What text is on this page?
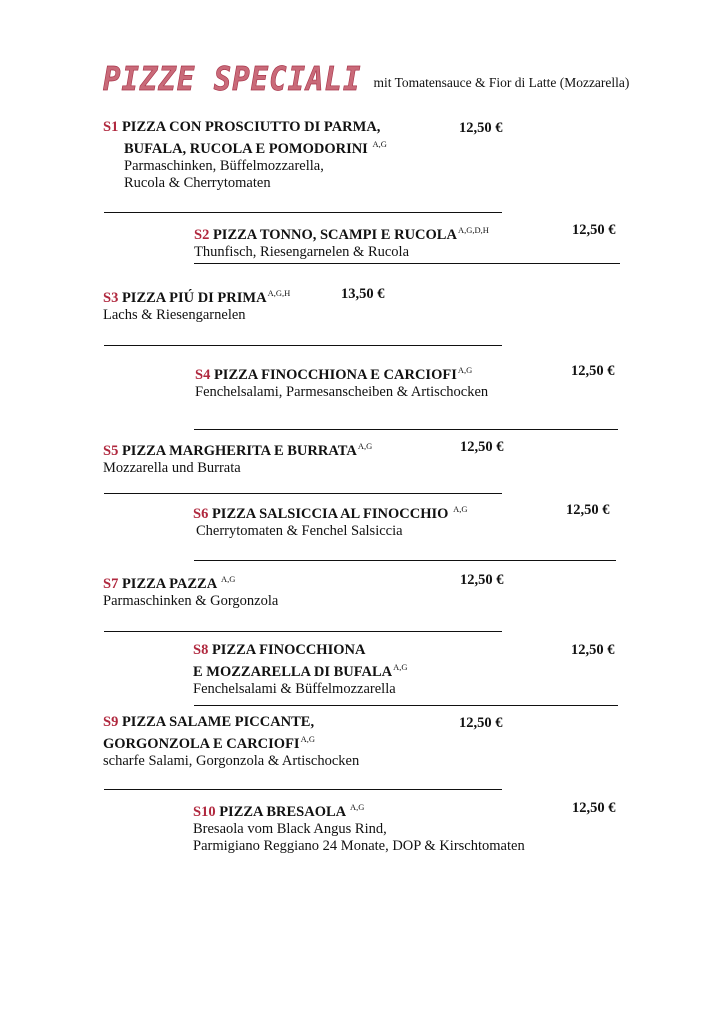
PIZZE SPECIALI mit Tomatensauce & Fior di Latte (Mozzarella)
S1 PIZZA CON PROSCIUTTO DI PARMA,
BUFALA, RUCOLA E POMODORINI $^{A,G}$
Parmaschinken, Büffelmozzarella,
Rucola & Cherrytomaten
12,50 €
S2 PIZZA TONNO, SCAMPI E $RUCOLA^{A,G,D,H}$
Thunfisch, Riesengarnelen & Rucola
12,50 €
S3 PIZZA PIÚ DI $PRIMA^{A,G,H}$
Lachs & Riesengarnelen
13,50 €
S4 PIZZA FINOCCHIONA E $CARCIOFI^{A,G}$
Fenchelsalami, Parmesanscheiben & Artischocken
12,50 €
S5 PIZZA MARGHERITA E $BURRATA^{A,G}$
Mozzarella und Burrata
12,50 €
S6 PIZZA SALSICCIA AL FINOCCHIO $^{A,G}$
Cherrytomaten & Fenchel Salsiccia
12,50 €
S7 PIZZA PAZZA $^{A,G}$
Parmaschinken & Gorgonzola
12,50 €
S8 PIZZA FINOCCHIONA
E MOZZARELLA DI $BUFALA^{A,G}$
Fenchelsalami & Büffelmozzarella
12,50 €
S9 PIZZA SALAME PICCANTE,
GORGONZOLA E $CARCIOFI^{A,G}$
scharfe Salami, Gorgonzola & Artischocken
12,50 €
S10 PIZZA BRESAOLA $^{A,G}$
Bresaola vom Black Angus Rind,
Parmigiano Reggiano 24 Monate, DOP & Kirschtomaten
12,50 €
